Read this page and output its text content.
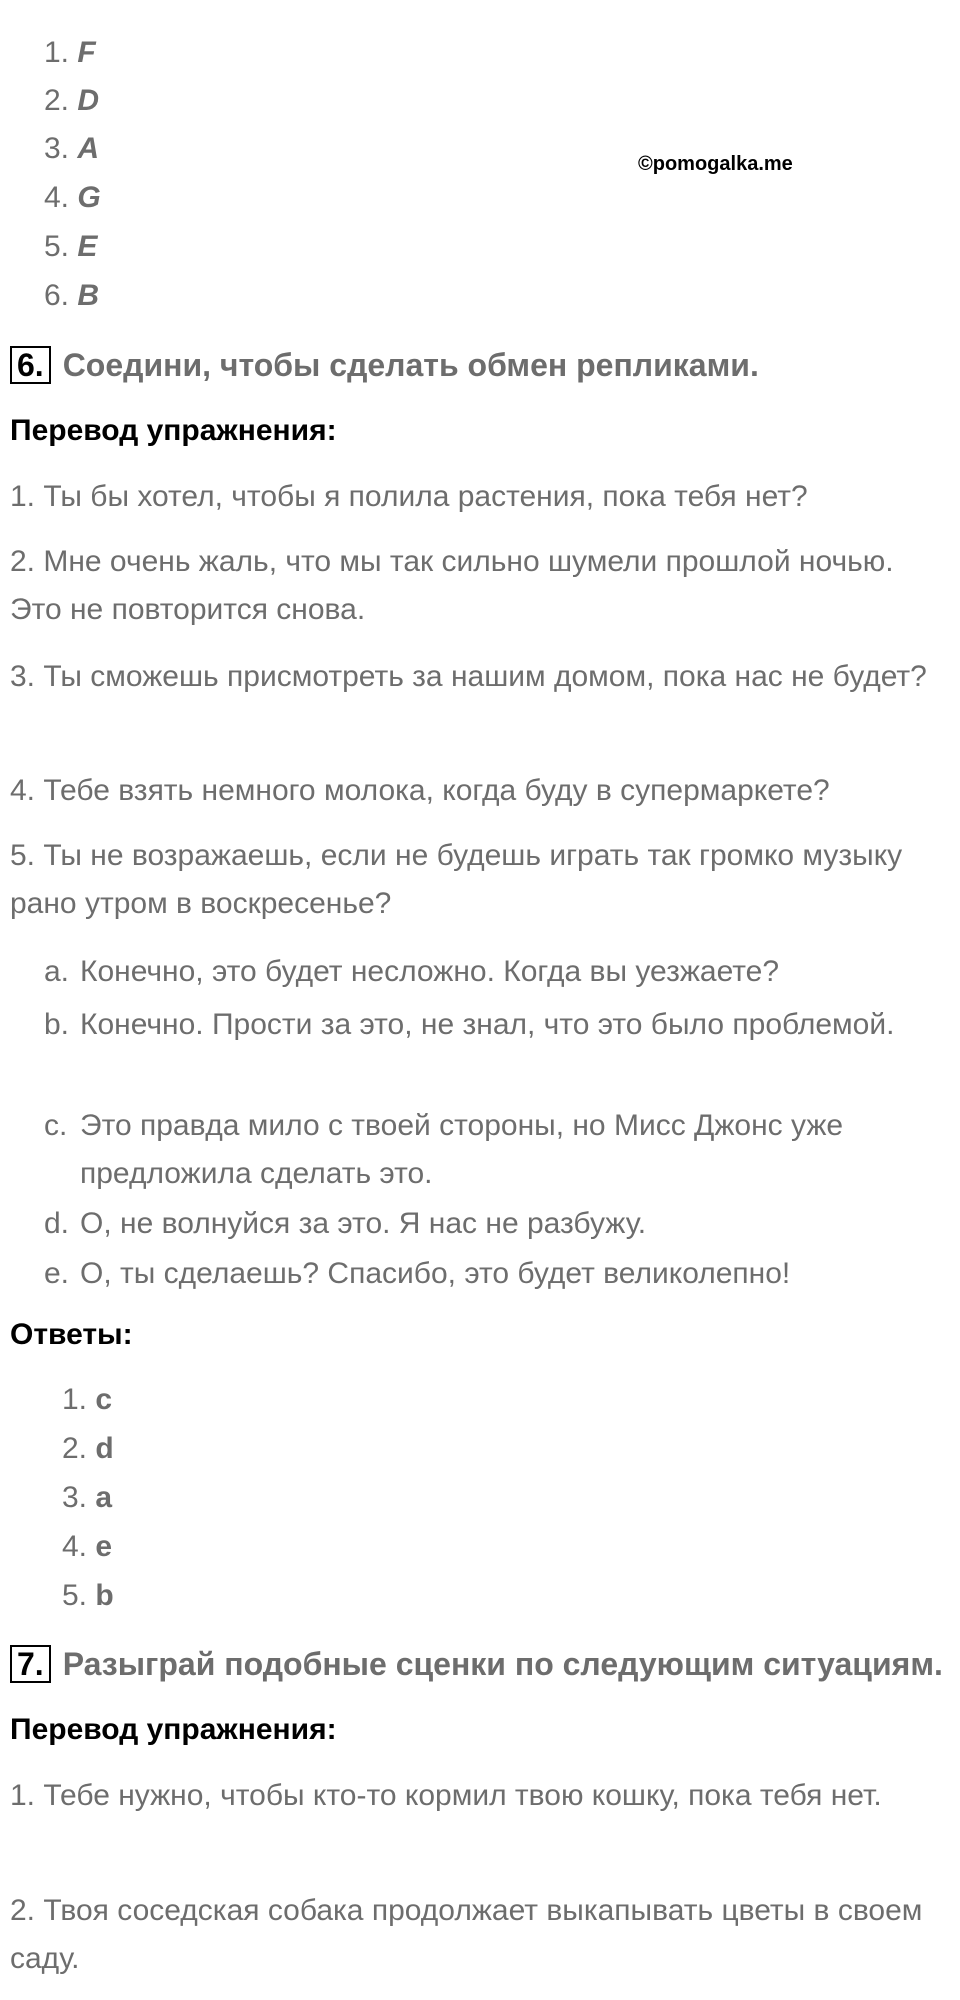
1. F
2. D
3. A
4. G
5. E
6. B
©pomogalka.me
6. Соедини, чтобы сделать обмен репликами.
Перевод упражнения:
1. Ты бы хотел, чтобы я полила растения, пока тебя нет?
2. Мне очень жаль, что мы так сильно шумели прошлой ночью. Это не повторится снова.
3. Ты сможешь присмотреть за нашим домом, пока нас не будет?
4. Тебе взять немного молока, когда буду в супермаркете?
5. Ты не возражаешь, если не будешь играть так громко музыку рано утром в воскресенье?
a. Конечно, это будет несложно. Когда вы уезжаете?
b. Конечно. Прости за это, не знал, что это было проблемой.
c. Это правда мило с твоей стороны, но Мисс Джонс уже предложила сделать это.
d. О, не волнуйся за это. Я нас не разбужу.
e. О, ты сделаешь? Спасибо, это будет великолепно!
Ответы:
1. c
2. d
3. a
4. e
5. b
7. Разыграй подобные сценки по следующим ситуациям.
Перевод упражнения:
1. Тебе нужно, чтобы кто-то кормил твою кошку, пока тебя нет.
2. Твоя соседская собака продолжает выкапывать цветы в своем саду.
